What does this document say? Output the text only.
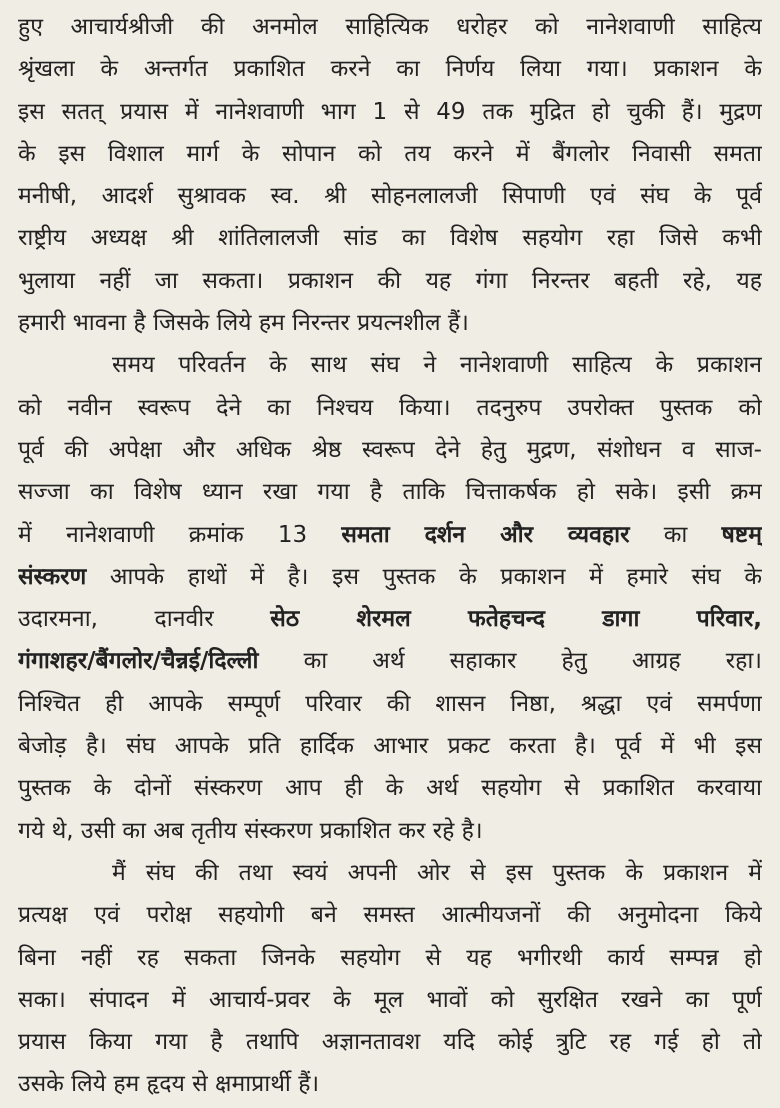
हुए आचार्यश्रीजी की अनमोल साहित्यिक धरोहर को नानेशवाणी साहित्य
श्रृंखला के अन्तर्गत प्रकाशित करने का निर्णय लिया गया। प्रकाशन के
इस सतत् प्रयास में नानेशवाणी भाग 1 से 49 तक मुद्रित हो चुकी हैं। मुद्रण
के इस विशाल मार्ग के सोपान को तय करने में बैंगलोर निवासी समता
मनीषी, आदर्श सुश्रावक स्व. श्री सोहनलालजी सिपाणी एवं संघ के पूर्व
राष्ट्रीय अध्यक्ष श्री शांतिलालजी सांड का विशेष सहयोग रहा जिसे कभी
भुलाया नहीं जा सकता। प्रकाशन की यह गंगा निरन्तर बहती रहे, यह
हमारी भावना है जिसके लिये हम निरन्तर प्रयत्नशील हैं।
समय परिवर्तन के साथ संघ ने नानेशवाणी साहित्य के प्रकाशन
को नवीन स्वरूप देने का निश्चय किया। तदनुरुप उपरोक्त पुस्तक को
पूर्व की अपेक्षा और अधिक श्रेष्ठ स्वरूप देने हेतु मुद्रण, संशोधन व साज-
सज्जा का विशेष ध्यान रखा गया है ताकि चित्ताकर्षक हो सके। इसी क्रम
में नानेशवाणी क्रमांक 13 समता दर्शन और व्यवहार का षष्टम्
संस्करण आपके हाथों में है। इस पुस्तक के प्रकाशन में हमारे संघ के
उदारमना, दानवीर सेठ शेरमल फतेहचन्द डागा परिवार,
गंगाशहर/बैंगलोर/चैन्नई/दिल्ली का अर्थ सहाकार हेतु आग्रह रहा।
निश्चित ही आपके सम्पूर्ण परिवार की शासन निष्ठा, श्रद्धा एवं समर्पणा
बेजोड़ है। संघ आपके प्रति हार्दिक आभार प्रकट करता है। पूर्व में भी इस
पुस्तक के दोनों संस्करण आप ही के अर्थ सहयोग से प्रकाशित करवाया
गये थे, उसी का अब तृतीय संस्करण प्रकाशित कर रहे है।
मैं संघ की तथा स्वयं अपनी ओर से इस पुस्तक के प्रकाशन में
प्रत्यक्ष एवं परोक्ष सहयोगी बने समस्त आत्मीयजनों की अनुमोदना किये
बिना नहीं रह सकता जिनके सहयोग से यह भगीरथी कार्य सम्पन्न हो
सका। संपादन में आचार्य-प्रवर के मूल भावों को सुरक्षित रखने का पूर्ण
प्रयास किया गया है तथापि अज्ञानतावश यदि कोई त्रुटि रह गई हो तो
उसके लिये हम हृदय से क्षमाप्रार्थी हैं।
